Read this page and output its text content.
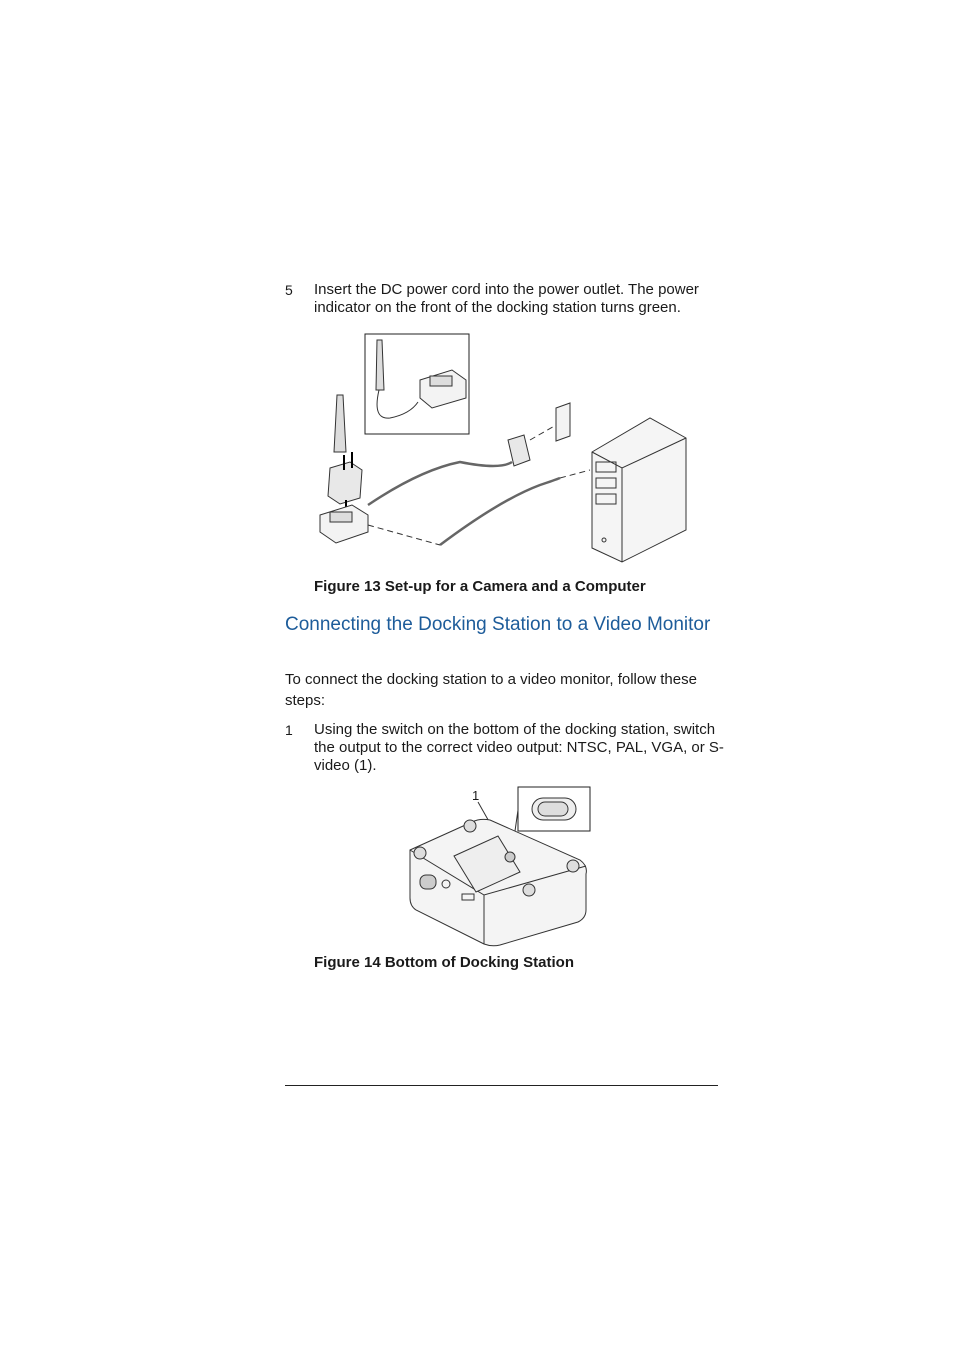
5 Insert the DC power cord into the power outlet. The power indicator on the front of the docking station turns green.
Figure 13 Set-up for a Camera and a Computer
Connecting the Docking Station to a Video Monitor
To connect the docking station to a video monitor, follow these steps:
1 Using the switch on the bottom of the docking station, switch the output to the correct video output: NTSC, PAL, VGA, or S-video (1).
1
Figure 14 Bottom of Docking Station
